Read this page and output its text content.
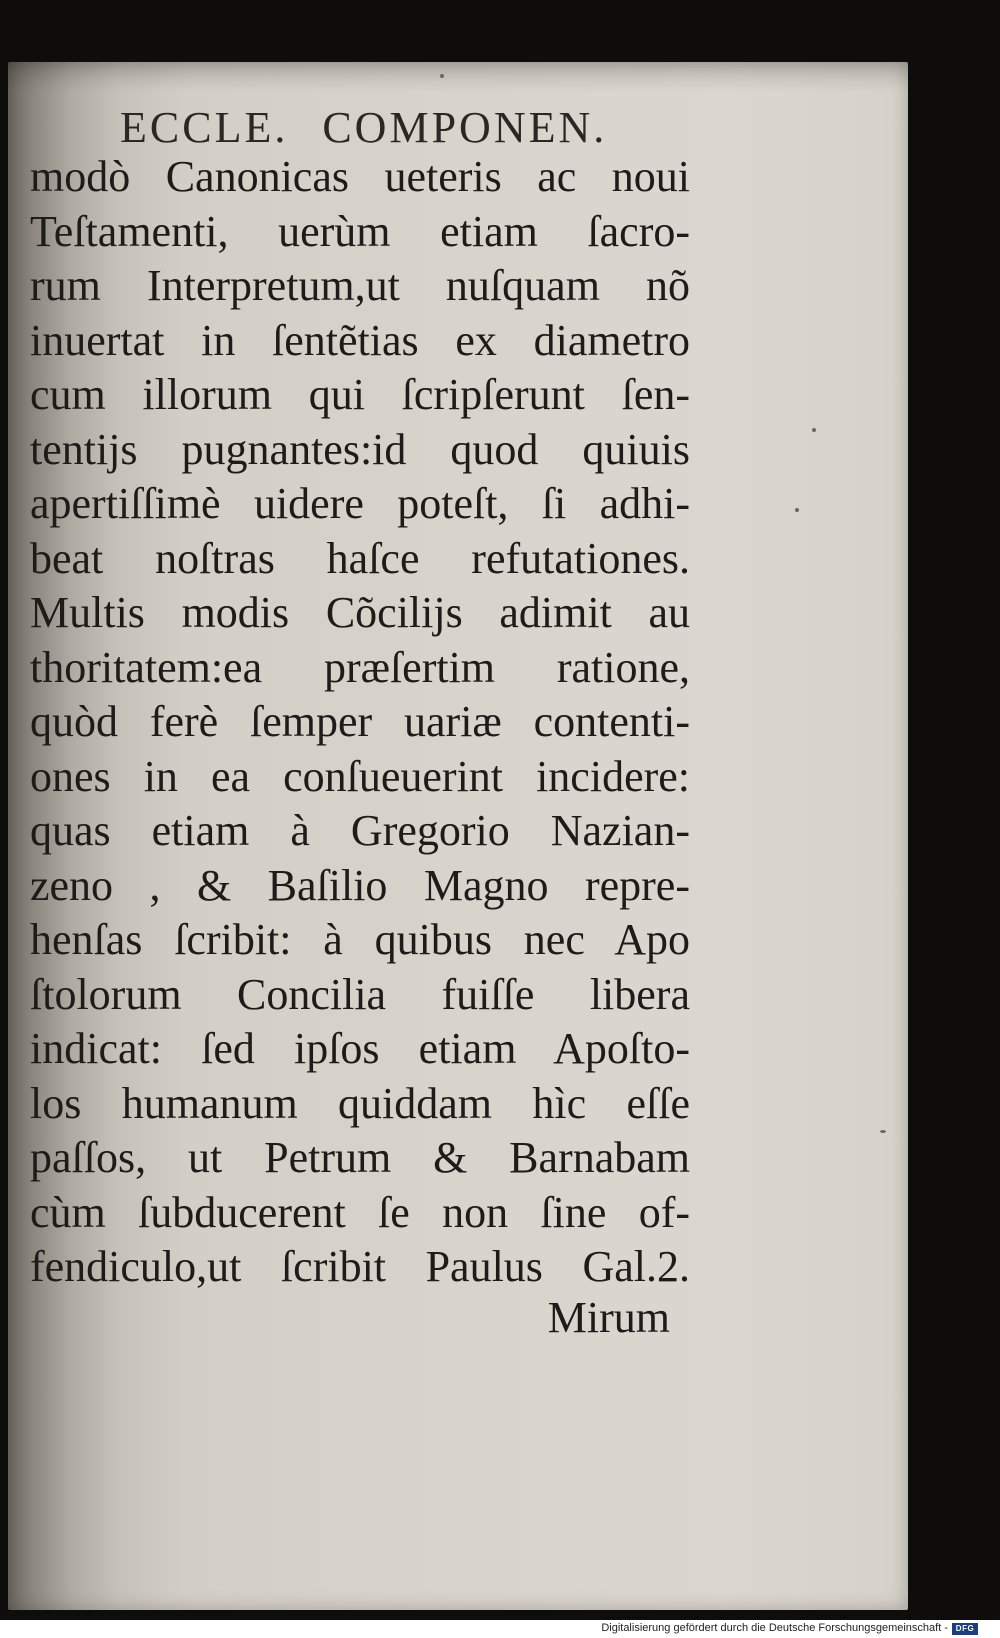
ECCLE. COMPONEN.
modò Canonicas ueteris ac noui
Teſtamenti, uerùm etiam ſacro-
rum Interpretum,ut nuſquam nõ
inuertat in ſentẽtias ex diametro
cum illorum qui ſcripſerunt ſen-
tentijs pugnantes:id quod quiuis
apertiſſimè uidere poteſt, ſi adhi-
beat noſtras haſce refutationes.
Multis modis Cõcilijs adimit au
thoritatem:ea præſertim ratione,
quòd ferè ſemper uariæ contenti-
ones in ea conſueuerint incidere:
quas etiam à Gregorio Nazian-
zeno , & Baſilio Magno repre-
henſas ſcribit: à quibus nec Apo
ſtolorum Concilia fuiſſe libera
indicat: ſed ipſos etiam Apoſto-
los humanum quiddam hìc eſſe
paſſos, ut Petrum & Barnabam
cùm ſubducerent ſe non ſine of-
fendiculo,ut ſcribit Paulus Gal.2.
Mirum
Digitalisierung gefördert durch die Deutsche Forschungsgemeinschaft - DFG
